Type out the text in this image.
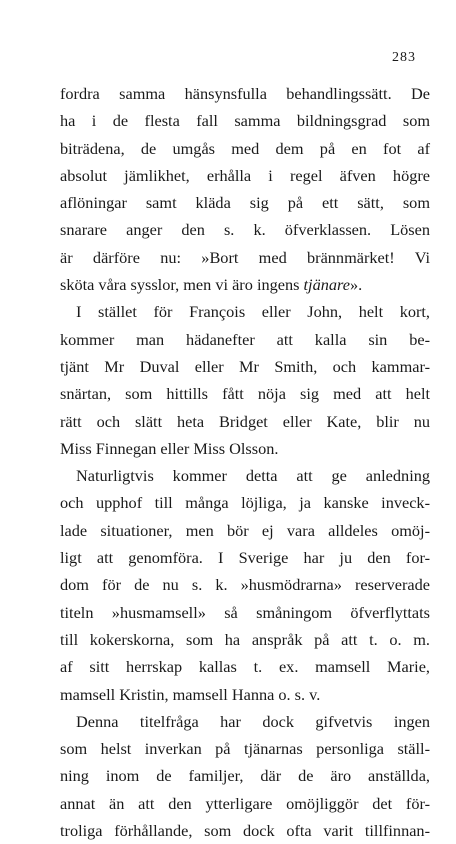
283
fordra samma hänsynsfulla behandlingssätt. De
ha i de flesta fall samma bildningsgrad som
biträdena, de umgås med dem på en fot af
absolut jämlikhet, erhålla i regel äfven högre
aflöningar samt kläda sig på ett sätt, som
snarare anger den s. k. öfverklassen. Lösen
är därföre nu: »Bort med brännmärket! Vi
sköta våra sysslor, men vi äro ingens tjänare».
I stället för François eller John, helt kort,
kommer man hädanefter att kalla sin be-
tjänt Mr Duval eller Mr Smith, och kammar-
snärtan, som hittills fått nöja sig med att helt
rätt och slätt heta Bridget eller Kate, blir nu
Miss Finnegan eller Miss Olsson.
Naturligtvis kommer detta att ge anledning
och upphof till många löjliga, ja kanske inveck-
lade situationer, men bör ej vara alldeles omöj-
ligt att genomföra. I Sverige har ju den for-
dom för de nu s. k. »husmödrarna» reserverade
titeln »husmamsell» så småningom öfverflyttats
till kokerskorna, som ha anspråk på att t. o. m.
af sitt herrskap kallas t. ex. mamsell Marie,
mamsell Kristin, mamsell Hanna o. s. v.
Denna titelfråga har dock gifvetvis ingen
som helst inverkan på tjänarnas personliga ställ-
ning inom de familjer, där de äro anställda,
annat än att den ytterligare omöjliggör det för-
troliga förhållande, som dock ofta varit tillfinnan-
